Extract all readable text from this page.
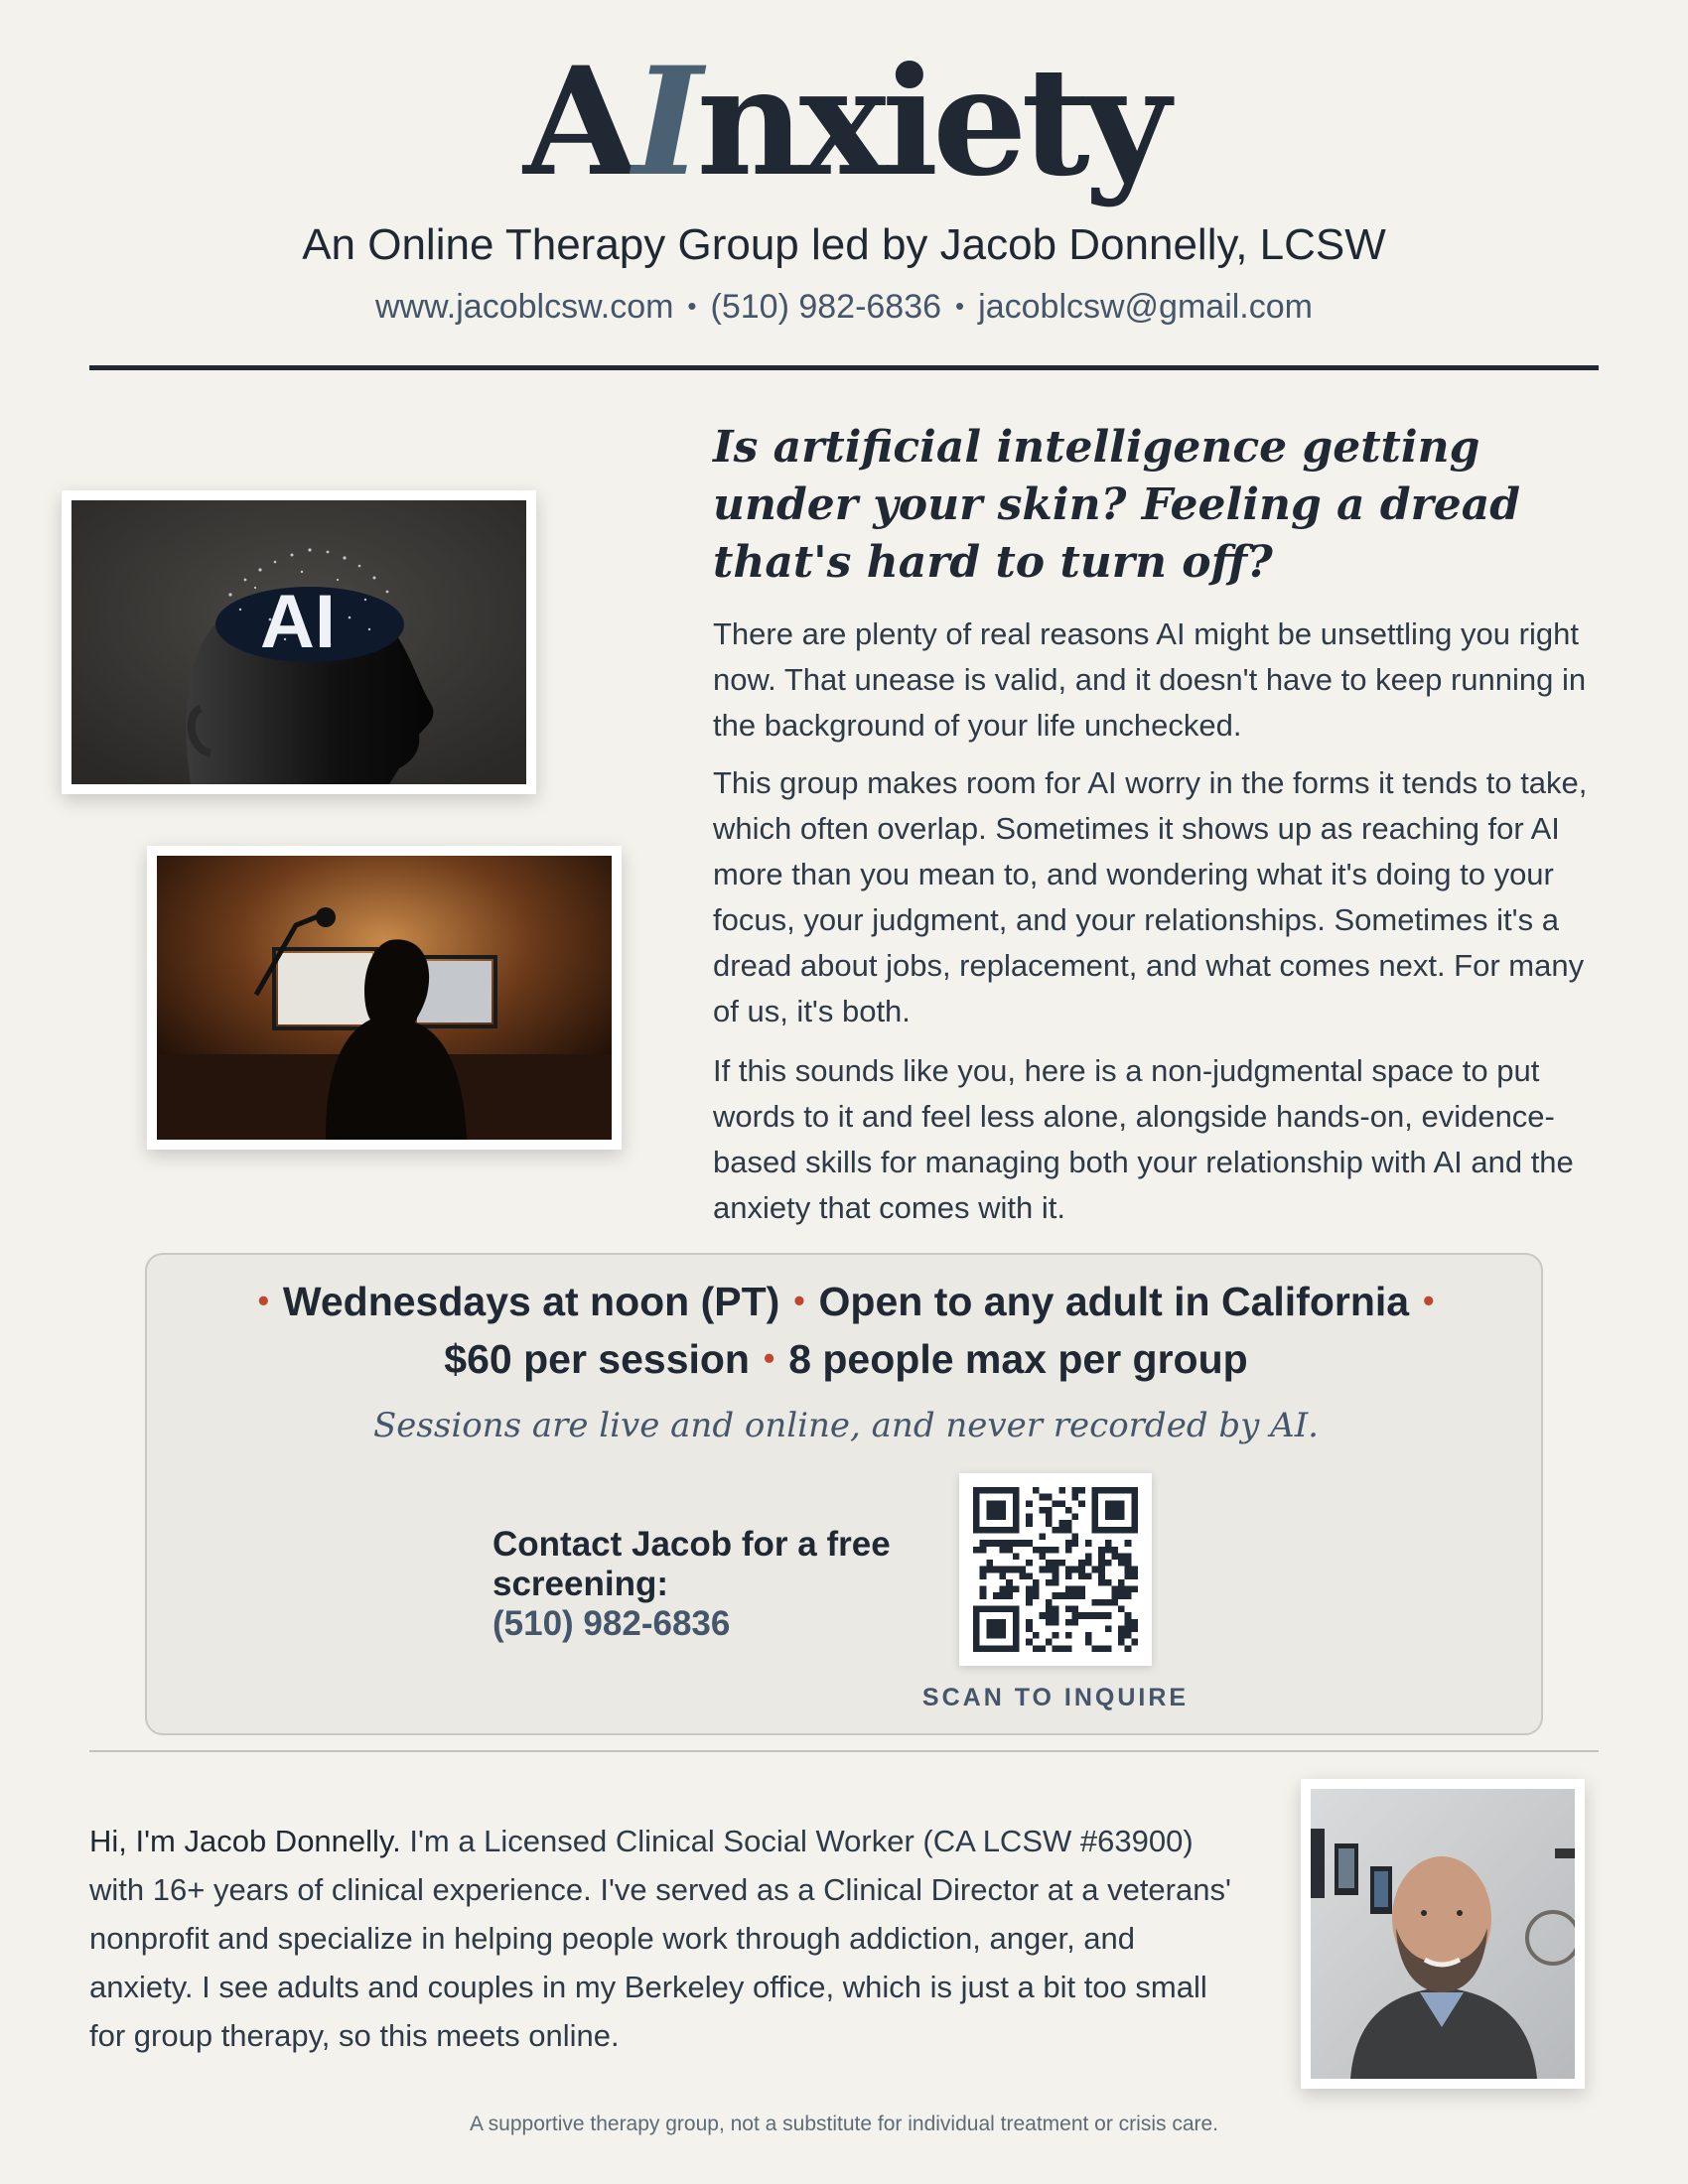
AInxiety
An Online Therapy Group led by Jacob Donnelly, LCSW
www.jacoblcsw.com • (510) 982-6836 • jacoblcsw@gmail.com
AI
Is artificial intelligence getting under your skin? Feeling a dread that's hard to turn off?
There are plenty of real reasons AI might be unsettling you right now. That unease is valid, and it doesn't have to keep running in the background of your life unchecked.
This group makes room for AI worry in the forms it tends to take, which often overlap. Sometimes it shows up as reaching for AI more than you mean to, and wondering what it's doing to your focus, your judgment, and your relationships. Sometimes it's a dread about jobs, replacement, and what comes next. For many of us, it's both.
If this sounds like you, here is a non-judgmental space to put words to it and feel less alone, alongside hands-on, evidence-based skills for managing both your relationship with AI and the anxiety that comes with it.
• Wednesdays at noon (PT) • Open to any adult in California •
$60 per session • 8 people max per group
Sessions are live and online, and never recorded by AI.
Contact Jacob for a free screening:
(510) 982-6836
SCAN TO INQUIRE
Hi, I'm Jacob Donnelly. I'm a Licensed Clinical Social Worker (CA LCSW #63900) with 16+ years of clinical experience. I've served as a Clinical Director at a veterans' nonprofit and specialize in helping people work through addiction, anger, and anxiety. I see adults and couples in my Berkeley office, which is just a bit too small for group therapy, so this meets online.
A supportive therapy group, not a substitute for individual treatment or crisis care.
